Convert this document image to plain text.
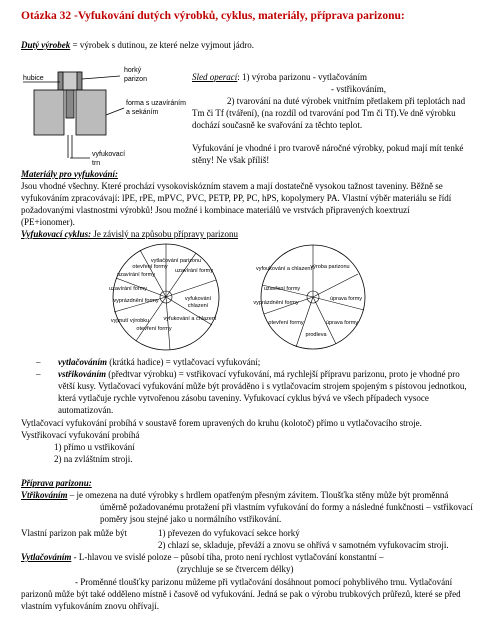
Otázka 32 -Vyfukování dutých výrobků, cyklus, materiály, příprava parizonu:
Dutý výrobek = výrobek s dutinou, ze které nelze vyjmout jádro.
hubice
horký
parizon
forma s uzavíráním
a sekáním
vyfukovací
trn
Sled operací: 1) výroba parizonu - vytlačováním
- vstřikováním,
2) tvarování na duté výrobek vnitřním přetlakem při teplotách nad
Tm či Tf (tváření), (na rozdíl od tvarování pod Tm či Tf).Ve dně výrobku
dochází současně ke svařování za těchto teplot.
Vyfukování je vhodné i pro tvarově náročné výrobky, pokud mají mít tenké
stěny! Ne však příliš!
Materiály pro vyfukování:
Jsou vhodné všechny. Které prochází vysokoviskózním stavem a mají dostatečně vysokou tažnost taveniny. Běžně se
vyfukováním zpracovávají: lPE, rPE, mPVC, PVC, PETP, PP, PC, hPS, kopolymery PA. Vlastní výběr materiálu se řídí
požadovanými vlastnostmi výrobků! Jsou možné i kombinace materiálů ve vrstvách připravených koextruzí
(PE+ionomer).
Vyfukovací cyklus: Je závislý na způsobu přípravy parizonu
vytlačování parizonu
uzavírání formy
vyfukování
chlazení
otevření formy
vyjmutí výrobku
uzavírání formy
vyprázdnění formy
otevření formy
uzavírání formy
vyfukování a chlazení
vyfoukování a chlazení
výroba parizonu
úprava formy
úprava formy
prodleva
otevření formy
vyprázdnění formy
uzavření formy
– vytlačováním (krátká hadice) = vytlačovací vyfukování;
– vstřikováním (předtvar výrobku) = vstřikovací vyfukování, má rychlejší přípravu parizonu, proto je vhodné pro
větší kusy. Vytlačovací vyfukování může být prováděno i s vytlačovacím strojem spojeným s pístovou jednotkou,
která vytlačuje rychle vytvořenou zásobu taveniny. Vyfukovací cyklus bývá ve všech případech vysoce
automatizován.
Vytlačovací vyfukování probíhá v soustavě forem upravených do kruhu (kolotoč) přímo u vytlačovacího stroje.
Vystřikovací vyfukování probíhá
1) přímo u vstřikování
2) na zvláštním stroji.
Příprava parizonu:
Vtřikováním – je omezena na duté výrobky s hrdlem opatřeným přesným závitem. Tloušťka stěny může být proměnná
úměrně požadovanému protažení při vlastním vyfukování do formy a následné funkčnosti – vstřikovací
poměry jsou stejné jako u normálního vstřikování.
Vlastní parizon pak může být	1) převezen do vyfukovací sekce horký
2) chlazí se, skladuje, převáží a znovu se ohřívá v samotném vyfukovacím stroji.
Vytlačováním - L-hlavou ve svislé poloze – působí tíha, proto není rychlost vytlačování konstantní –
(zrychluje se se čtvercem délky)
- Proměnné tloušťky parizonu můžeme při vytlačování dosáhnout pomocí pohyblivého trnu. Vytlačování
parizonů může být také odděleno místně i časově od vyfukování. Jedná se pak o výrobu trubkových průřezů, které se před
vlastním vyfukováním znovu ohřívají.
